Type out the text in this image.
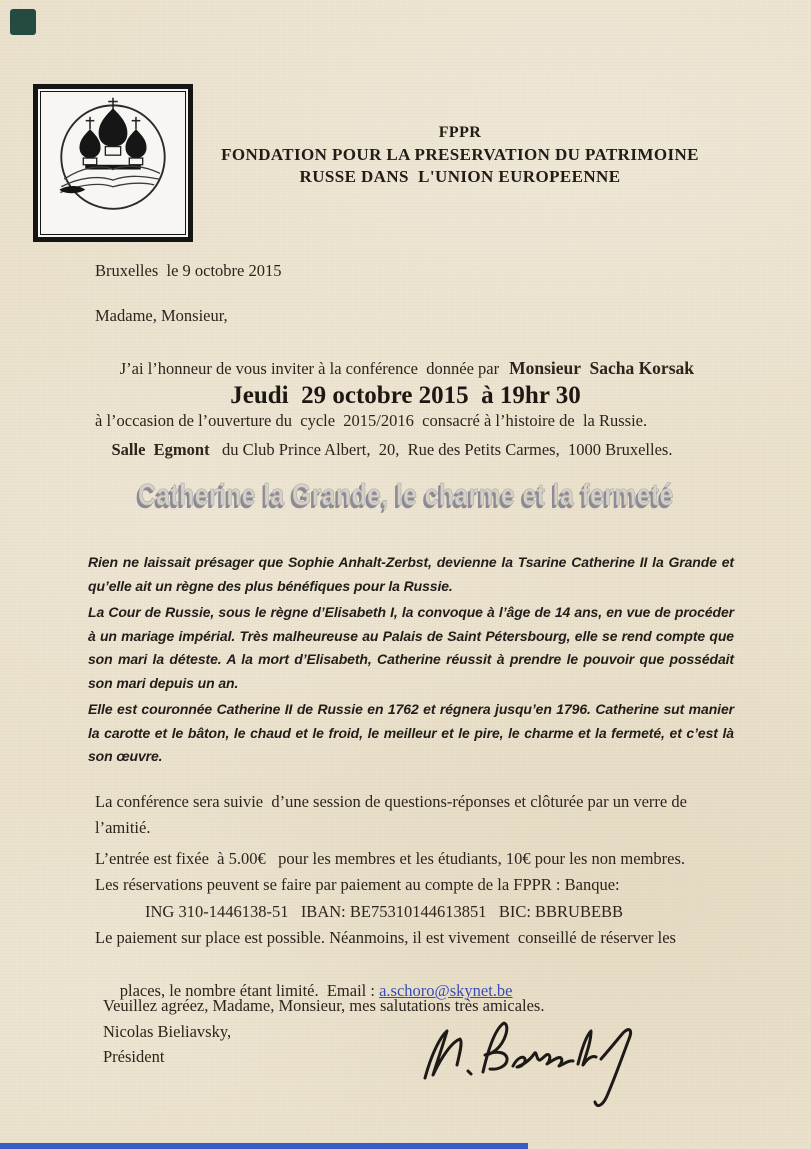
FPPR
FONDATION POUR LA PRESERVATION DU PATRIMOINE
RUSSE DANS  L'UNION EUROPEENNE
Bruxelles  le 9 octobre 2015
Madame, Monsieur,

J’ai l’honneur de vous inviter à la conférence  donnée par Monsieur  Sacha Korsak

à l’occasion de l’ouverture du  cycle  2015/2016  consacré à l’histoire de  la Russie.
Jeudi  29 octobre 2015  à 19hr 30

Salle  Egmont   du Club Prince Albert,  20,  Rue des Petits Carmes,  1000 Bruxelles.

Catherine la Grande, le charme et la fermeté

Rien ne laissait présager que Sophie Anhalt-Zerbst, devienne la Tsarine Catherine II la Grande et qu’elle ait un règne des plus bénéfiques pour la Russie.

La Cour de Russie, sous le règne d’Elisabeth I, la convoque à l’âge de 14 ans, en vue de procéder à un mariage impérial. Très malheureuse au Palais de Saint Pétersbourg, elle se rend compte que son mari la déteste. A la mort d’Elisabeth, Catherine réussit à prendre le pouvoir que possédait son mari depuis un an.

Elle est couronnée Catherine II de Russie en 1762 et régnera jusqu’en 1796. Catherine sut manier la carotte et le bâton, le chaud et le froid, le meilleur et le pire, le charme et la fermeté, et c’est là son œuvre.

La conférence sera suivie  d’une session de questions-réponses et clôturée par un verre de
l’amitié.
L’entrée est fixée  à 5.00€   pour les membres et les étudiants, 10€ pour les non membres.
Les réservations peuvent se faire par paiement au compte de la FPPR : Banque:
ING 310-1446138-51   IBAN: BE75310144613851   BIC: BBRUBEBB
Le paiement sur place est possible. Néanmoins, il est vivement  conseillé de réserver les

places, le nombre étant limité.  Email : a.schoro@skynet.be

Veuillez agréez, Madame, Monsieur, mes salutations très amicales.
Nicolas Bieliavsky,
Président
